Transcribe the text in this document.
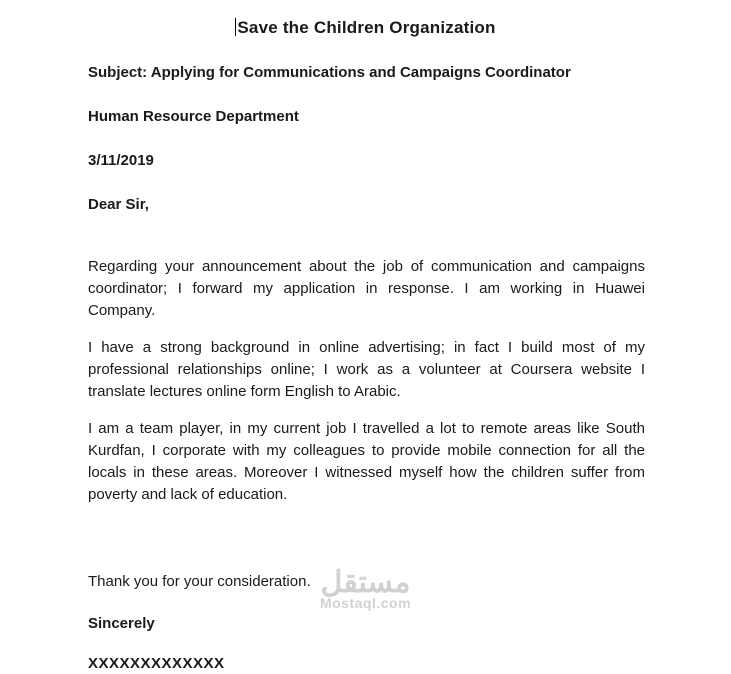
Save the Children Organization
Subject: Applying for Communications and Campaigns Coordinator
Human Resource Department
3/11/2019
Dear Sir,

Regarding your announcement about the job of communication and campaigns coordinator; I forward my application in response. I am working in Huawei Company.

I have a strong background in online advertising; in fact I build most of my professional relationships online; I work as a volunteer at Coursera website I translate lectures online form English to Arabic.

I am a team player, in my current job I travelled a lot to remote areas like South Kurdfan, I corporate with my colleagues to provide mobile connection for all the locals in these areas. Moreover I witnessed myself how the children suffer from poverty and lack of education.

Thank you for your consideration.
Sincerely
XXXXXXXXXXXXX
مستقل
Mostaql.com
